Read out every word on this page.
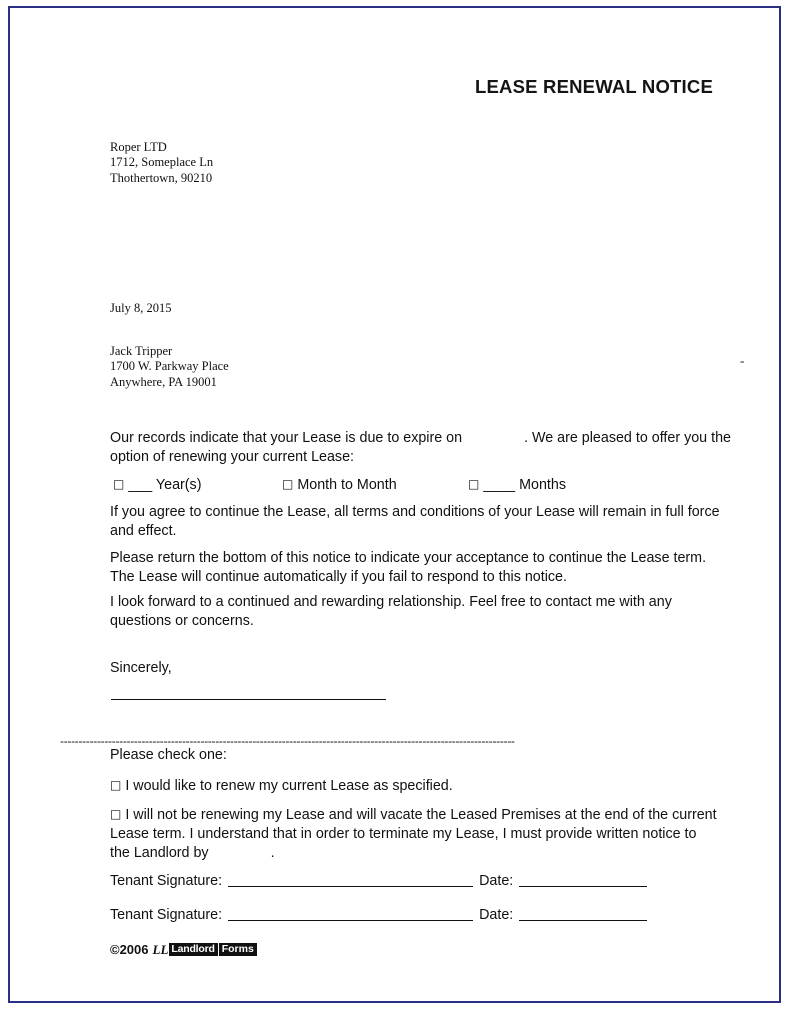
LEASE RENEWAL NOTICE
Roper LTD
1712, Someplace Ln
Thothertown, 90210
July 8, 2015
Jack Tripper
1700 W. Parkway Place
Anywhere, PA 19001
-
Our records indicate that your Lease is due to expire on	. We are pleased to offer you the option of renewing your current Lease:
□ ___ Year(s)	□ Month to Month	□ ____ Months
If you agree to continue the Lease, all terms and conditions of your Lease will remain in full force and effect.
Please return the bottom of this notice to indicate your acceptance to continue the Lease term. The Lease will continue automatically if you fail to respond to this notice.
I look forward to a continued and rewarding relationship. Feel free to contact me with any questions or concerns.
Sincerely,
---------------------------------------------------------------------------------------------------------------------------
Please check one:
□ I would like to renew my current Lease as specified.
□ I will not be renewing my Lease and will vacate the Leased Premises at the end of the current Lease term. I understand that in order to terminate my Lease, I must provide written notice to the Landlord by	.
Tenant Signature:	Date:
Tenant Signature:	Date:
©2006 LL Landlord Forms
